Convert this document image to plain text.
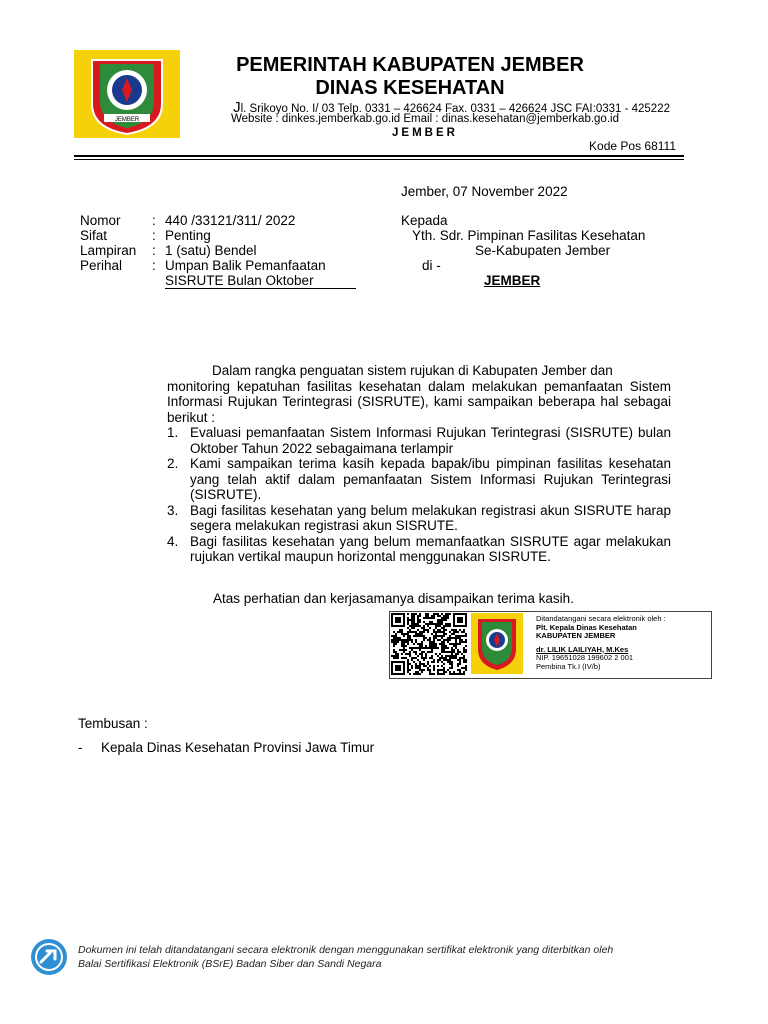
JEMBER
PEMERINTAH KABUPATEN JEMBER
DINAS KESEHATAN
Jl. Srikoyo No. I/ 03 Telp. 0331 – 426624 Fax. 0331 – 426624 JSC FAI:0331 - 425222
Website : dinkes.jemberkab.go.id Email : dinas.kesehatan@jemberkab.go.id
JEMBER
Kode Pos 68111
Jember, 07 November 2022
Nomor : 440 /33121/311/ 2022
Sifat	: Penting
Lampiran : 1 (satu) Bendel
Perihal : Umpan Balik Pemanfaatan
SISRUTE Bulan Oktober
Kepada
Yth. Sdr. Pimpinan Fasilitas Kesehatan
Se-Kabupaten Jember
di -
JEMBER
Dalam rangka penguatan sistem rujukan di Kabupaten Jember dan
monitoring kepatuhan fasilitas kesehatan dalam melakukan pemanfaatan Sistem Informasi Rujukan Terintegrasi (SISRUTE), kami sampaikan beberapa hal sebagai berikut :
1. Evaluasi pemanfaatan Sistem Informasi Rujukan Terintegrasi (SISRUTE) bulan Oktober Tahun 2022 sebagaimana terlampir
2. Kami sampaikan terima kasih kepada bapak/ibu pimpinan fasilitas kesehatan yang telah aktif dalam pemanfaatan Sistem Informasi Rujukan Terintegrasi (SISRUTE).
3. Bagi fasilitas kesehatan yang belum melakukan registrasi akun SISRUTE harap segera melakukan registrasi akun SISRUTE.
4. Bagi fasilitas kesehatan yang belum memanfaatkan SISRUTE agar melakukan rujukan vertikal maupun horizontal menggunakan SISRUTE.
Atas perhatian dan kerjasamanya disampaikan terima kasih.
Ditandatangani secara elektronik oleh :
Plt. Kepala Dinas Kesehatan
KABUPATEN JEMBER
dr. LILIK LAILIYAH, M.Kes
NIP. 19651028 199602 2 001
Pembina Tk.I (IV/b)
Tembusan :
- Kepala Dinas Kesehatan Provinsi Jawa Timur
Dokumen ini telah ditandatangani secara elektronik dengan menggunakan sertifikat elektronik yang diterbitkan oleh
Balai Sertifikasi Elektronik (BSrE) Badan Siber dan Sandi Negara
